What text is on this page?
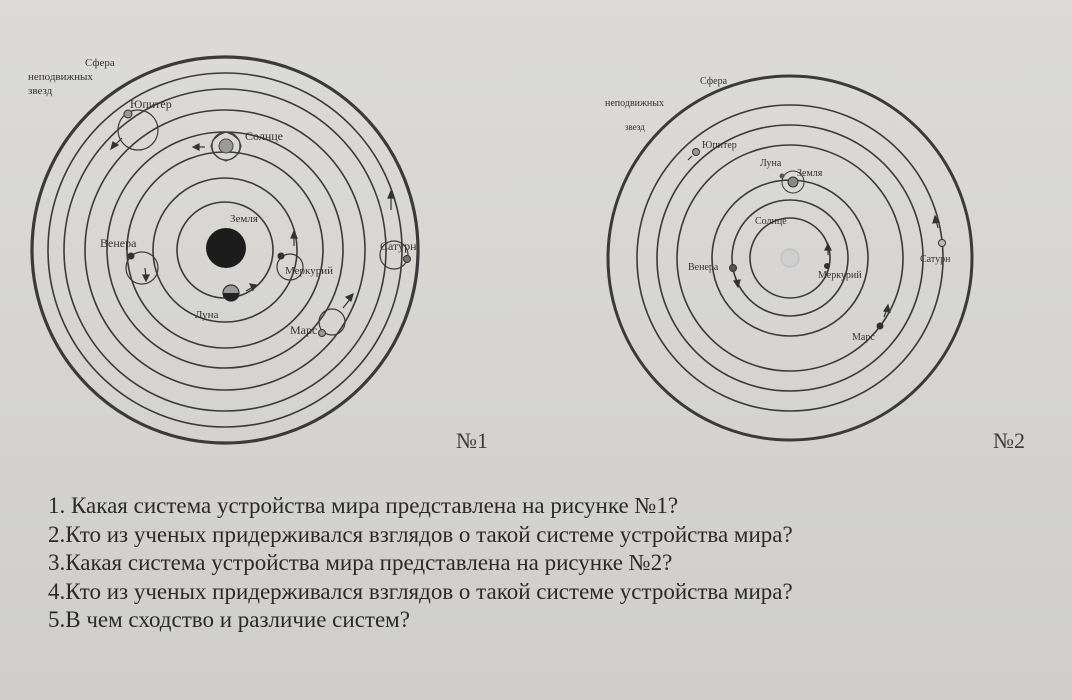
Сфера
неподвижных
звезд
Юпитер
Солнце
Земля
Венера	Сатурн
Меркурий
Луна
Марс
Сфера
неподвижных
звезд
Юпитер
Луна
Земля
Солнце
Венера
Сатурн
Меркурий
Марс
№1	№2
1. Какая система устройства мира представлена на рисунке №1?
2.Кто из ученых придерживался взглядов о такой системе устройства мира?
3.Какая система устройства мира представлена на рисунке №2?
4.Кто из ученых придерживался взглядов о такой системе устройства мира?
5.В чем сходство и различие систем?
